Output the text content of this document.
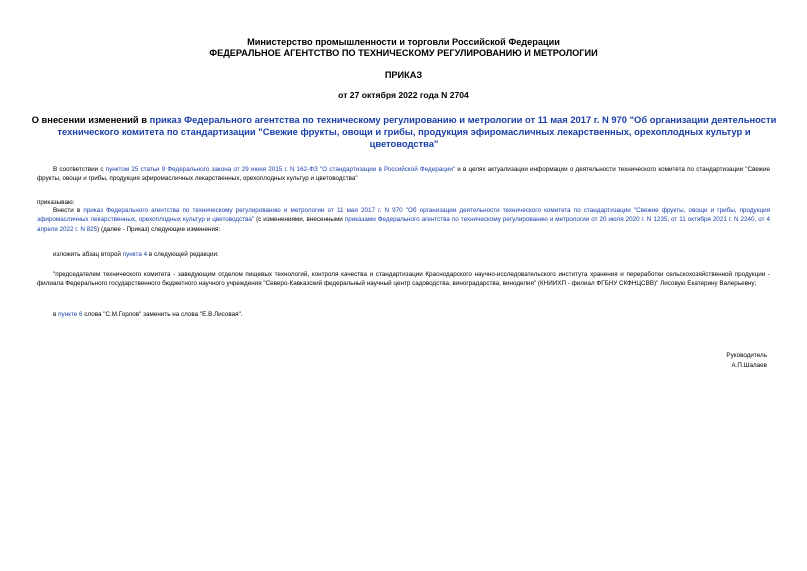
Министерство промышленности и торговли Российской Федерации
ФЕДЕРАЛЬНОЕ АГЕНТСТВО ПО ТЕХНИЧЕСКОМУ РЕГУЛИРОВАНИЮ И МЕТРОЛОГИИ
ПРИКАЗ
от 27 октября 2022 года N 2704
О внесении изменений в приказ Федерального агентства по техническому регулированию и метрологии от 11 мая 2017 г. N 970 "Об организации деятельности технического комитета по стандартизации "Свежие фрукты, овощи и грибы, продукция эфиромасличных лекарственных, орехоплодных культур и цветоводства"
В соответствии с пунктом 25 статьи 9 Федерального закона от 29 июня 2015 г. N 162-ФЗ "О стандартизации в Российской Федерации" и в целях актуализации информации о деятельности технического комитета по стандартизации "Свежие фрукты, овощи и грибы, продукция эфиромасличных лекарственных, орехоплодных культур и цветоводства"
приказываю:
Внести в приказ Федерального агентства по техническому регулированию и метрологии от 11 мая 2017 г. N 970 "Об организации деятельности технического комитета по стандартизации "Свежие фрукты, овощи и грибы, продукция эфиромасличных лекарственных, орехоплодных культур и цветоводства" (с изменениями, внесенными приказами Федерального агентства по техническому регулированию и метрологии от 20 июля 2020 г. N 1235, от 11 октября 2021 г. N 2240, от 4 апреля 2022 г. N 825) (далее - Приказ) следующие изменения:
изложить абзац второй пункта 4 в следующей редакции:
"председателем технического комитета - заведующим отделом пищевых технологий, контроля качества и стандартизации Краснодарского научно-исследовательского института хранения и переработки сельскохозяйственной продукции - филиала Федерального государственного бюджетного научного учреждения "Северо-Кавказский федеральный научный центр садоводства, виноградарства, виноделия" (КНИИХП - филиал ФГБНУ СКФНЦСВВ)" Лисовую Екатерину Валерьевну;
в пункте 6 слова "С.М.Горлов" заменить на слова "Е.В.Лисовая".
Руководитель
А.П.Шалаев
